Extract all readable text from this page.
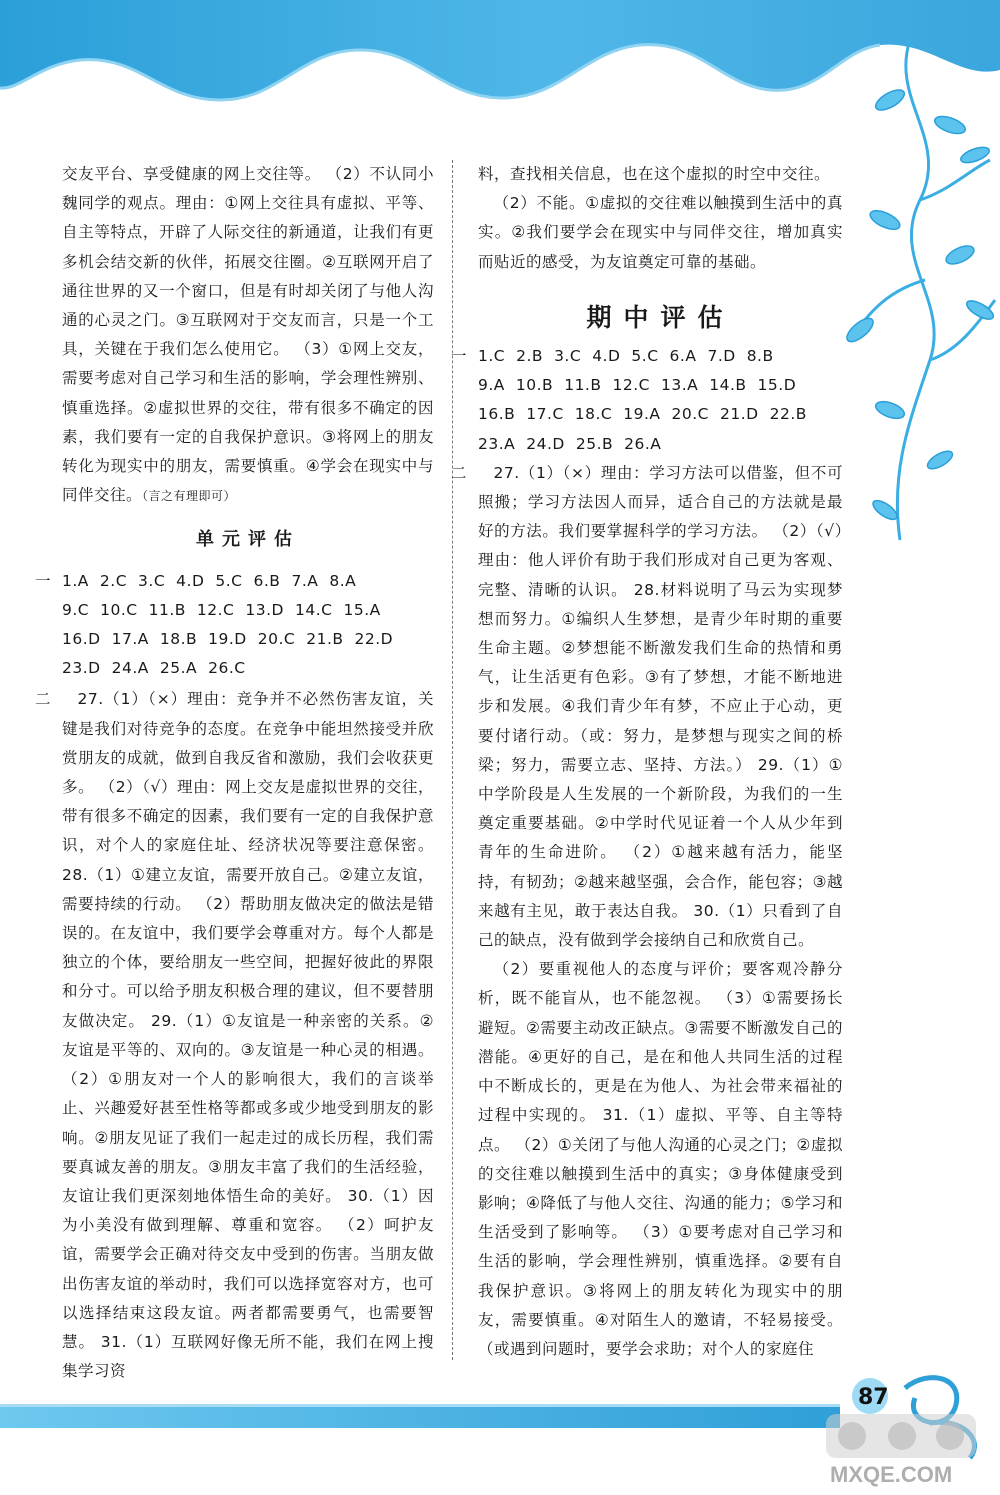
交友平台、享受健康的网上交往等。 （2）不认同小魏同学的观点。理由：①网上交往具有虚拟、平等、自主等特点，开辟了人际交往的新通道，让我们有更多机会结交新的伙伴，拓展交往圈。②互联网开启了通往世界的又一个窗口，但是有时却关闭了与他人沟通的心灵之门。③互联网对于交友而言，只是一个工具，关键在于我们怎么使用它。 （3）①网上交友，需要考虑对自己学习和生活的影响，学会理性辨别、慎重选择。②虚拟世界的交往，带有很多不确定的因素，我们要有一定的自我保护意识。③将网上的朋友转化为现实中的朋友，需要慎重。④学会在现实中与同伴交往。（言之有理即可）

单元评估
一 1.A 2.C 3.C 4.D 5.C 6.B 7.A 8.A
9.C 10.C 11.B 12.C 13.D 14.C 15.A
16.D 17.A 18.B 19.D 20.C 21.B 22.D
23.D 24.A 25.A 26.C
二	27.（1）（×）理由：竞争并不必然伤害友谊，关键是我们对待竞争的态度。在竞争中能坦然接受并欣赏朋友的成就，做到自我反省和激励，我们会收获更多。 （2）（√）理由：网上交友是虚拟世界的交往，带有很多不确定的因素，我们要有一定的自我保护意识，对个人的家庭住址、经济状况等要注意保密。 28.（1）①建立友谊，需要开放自己。②建立友谊，需要持续的行动。 （2）帮助朋友做决定的做法是错误的。在友谊中，我们要学会尊重对方。每个人都是独立的个体，要给朋友一些空间，把握好彼此的界限和分寸。可以给予朋友积极合理的建议，但不要替朋友做决定。 29.（1）①友谊是一种亲密的关系。②友谊是平等的、双向的。③友谊是一种心灵的相遇。 （2）①朋友对一个人的影响很大，我们的言谈举止、兴趣爱好甚至性格等都或多或少地受到朋友的影响。②朋友见证了我们一起走过的成长历程，我们需要真诚友善的朋友。③朋友丰富了我们的生活经验，友谊让我们更深刻地体悟生命的美好。 30.（1）因为小美没有做到理解、尊重和宽容。 （2）呵护友谊，需要学会正确对待交友中受到的伤害。当朋友做出伤害友谊的举动时，我们可以选择宽容对方，也可以选择结束这段友谊。两者都需要勇气，也需要智慧。 31.（1）互联网好像无所不能，我们在网上搜集学习资

料，查找相关信息，也在这个虚拟的时空中交往。

（2）不能。①虚拟的交往难以触摸到生活中的真实。②我们要学会在现实中与同伴交往，增加真实而贴近的感受，为友谊奠定可靠的基础。

期中评估
一 1.C 2.B 3.C 4.D 5.C 6.A 7.D 8.B
9.A 10.B 11.B 12.C 13.A 14.B 15.D
16.B 17.C 18.C 19.A 20.C 21.D 22.B
23.A 24.D 25.B 26.A
二	27.（1）（×）理由：学习方法可以借鉴，但不可照搬；学习方法因人而异，适合自己的方法就是最好的方法。我们要掌握科学的学习方法。 （2）（√）理由：他人评价有助于我们形成对自己更为客观、完整、清晰的认识。 28.材料说明了马云为实现梦想而努力。①编织人生梦想，是青少年时期的重要生命主题。②梦想能不断激发我们生命的热情和勇气，让生活更有色彩。③有了梦想，才能不断地进步和发展。④我们青少年有梦，不应止于心动，更要付诸行动。（或：努力，是梦想与现实之间的桥梁；努力，需要立志、坚持、方法。） 29.（1）①中学阶段是人生发展的一个新阶段，为我们的一生奠定重要基础。②中学时代见证着一个人从少年到青年的生命进阶。 （2）①越来越有活力，能坚持，有韧劲；②越来越坚强，会合作，能包容；③越来越有主见，敢于表达自我。 30.（1）只看到了自己的缺点，没有做到学会接纳自己和欣赏自己。

（2）要重视他人的态度与评价；要客观冷静分析，既不能盲从，也不能忽视。 （3）①需要扬长避短。②需要主动改正缺点。③需要不断激发自己的潜能。④更好的自己，是在和他人共同生活的过程中不断成长的，更是在为他人、为社会带来福祉的过程中实现的。 31.（1）虚拟、平等、自主等特点。 （2）①关闭了与他人沟通的心灵之门；②虚拟的交往难以触摸到生活中的真实；③身体健康受到影响；④降低了与他人交往、沟通的能力；⑤学习和生活受到了影响等。 （3）①要考虑对自己学习和生活的影响，学会理性辨别，慎重选择。②要有自我保护意识。③将网上的朋友转化为现实中的朋友，需要慎重。④对陌生人的邀请，不轻易接受。（或遇到问题时，要学会求助；对个人的家庭住

87
MXQE.COM
